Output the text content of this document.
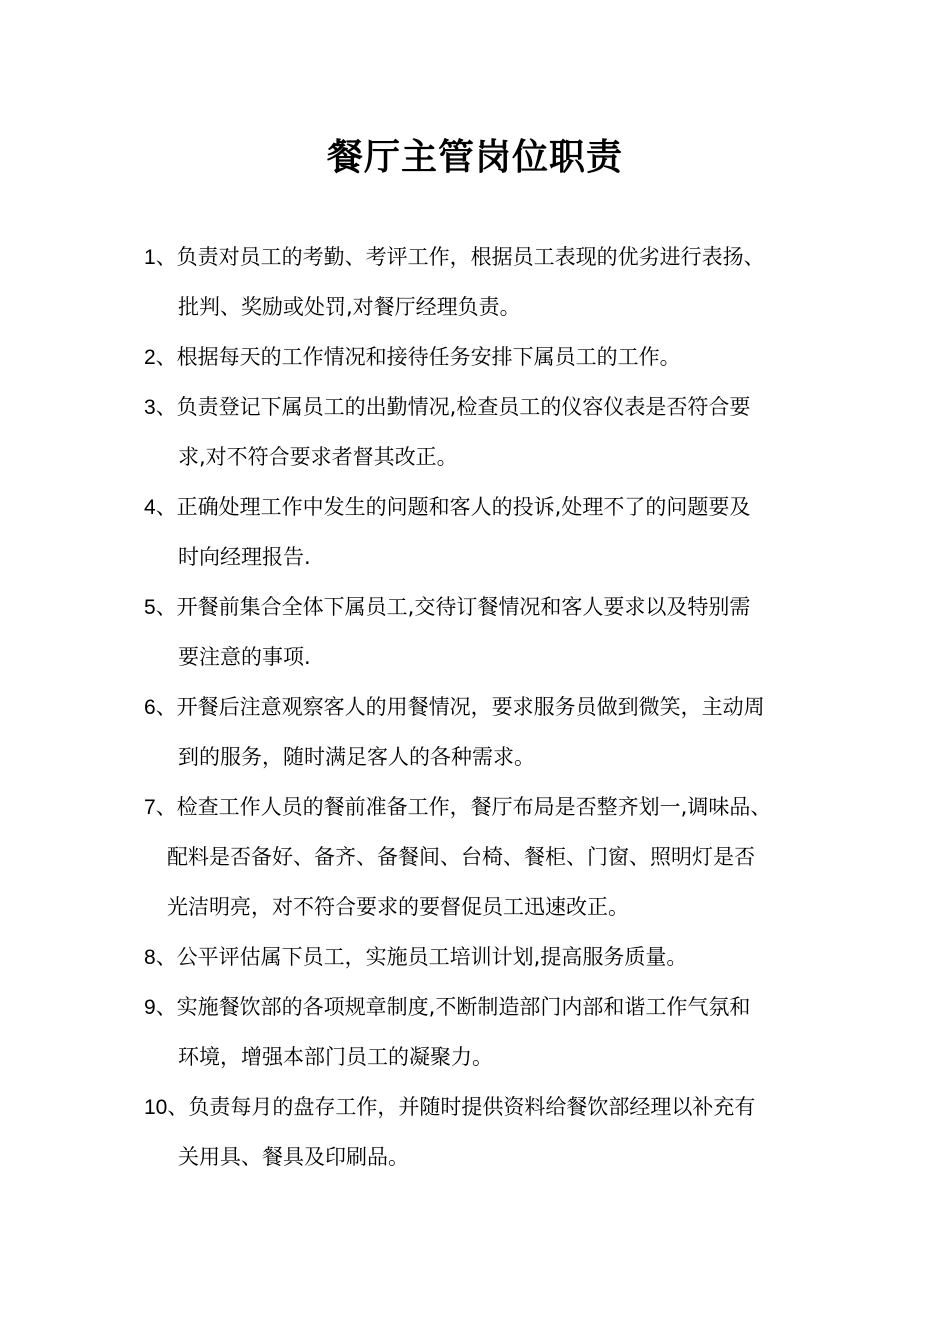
餐厅主管岗位职责
1、负责对员工的考勤、考评工作，根据员工表现的优劣进行表扬、
批判、奖励或处罚,对餐厅经理负责。
2、根据每天的工作情况和接待任务安排下属员工的工作。
3、负责登记下属员工的出勤情况,检查员工的仪容仪表是否符合要
求,对不符合要求者督其改正。
4、正确处理工作中发生的问题和客人的投诉,处理不了的问题要及
时向经理报告.
5、开餐前集合全体下属员工,交待订餐情况和客人要求以及特别需
要注意的事项.
6、开餐后注意观察客人的用餐情况，要求服务员做到微笑，主动周
到的服务，随时满足客人的各种需求。
7、检查工作人员的餐前准备工作，餐厅布局是否整齐划一,调味品、
配料是否备好、备齐、备餐间、台椅、餐柜、门窗、照明灯是否
光洁明亮，对不符合要求的要督促员工迅速改正。
8、公平评估属下员工，实施员工培训计划,提高服务质量。
9、实施餐饮部的各项规章制度,不断制造部门内部和谐工作气氛和
环境，增强本部门员工的凝聚力。
10、负责每月的盘存工作，并随时提供资料给餐饮部经理以补充有
关用具、餐具及印刷品。
